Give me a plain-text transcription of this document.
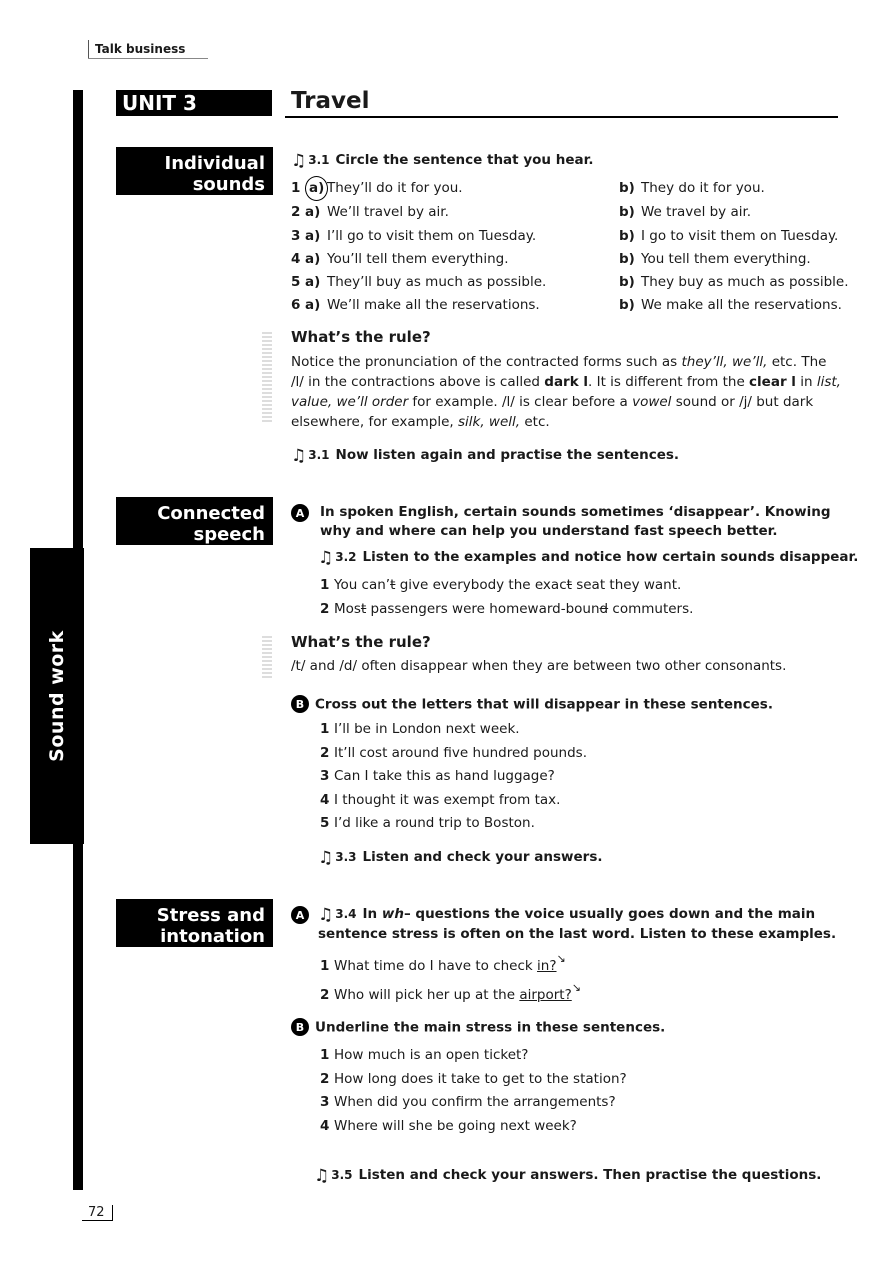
Talk business
Sound work
UNIT 3	Travel
Individual
sounds
Connected
speech
Stress and
intonation
♫ 3.1 Circle the sentence that you hear.
1 a) They’ll do it for you.	b) They do it for you.
2 a) We’ll travel by air.	b) We travel by air.
3 a) I’ll go to visit them on Tuesday.	b) I go to visit them on Tuesday.
4 a) You’ll tell them everything.	b) You tell them everything.
5 a) They’ll buy as much as possible.	b) They buy as much as possible.
6 a) We’ll make all the reservations.	b) We make all the reservations.
What’s the rule?
Notice the pronunciation of the contracted forms such as they’ll, we’ll, etc. The /l/ in the contractions above is called dark l. It is different from the clear l in list, value, we’ll order for example. /l/ is clear before a vowel sound or /j/ but dark elsewhere, for example, silk, well, etc.
♫ 3.1 Now listen again and practise the sentences.
A	In spoken English, certain sounds sometimes ‘disappear’. Knowing why and where can help you understand fast speech better.
♫ 3.2 Listen to the examples and notice how certain sounds disappear.
1 You can’t give everybody the exact seat they want.
2 Most passengers were homeward-bound commuters.
What’s the rule?
/t/ and /d/ often disappear when they are between two other consonants.
B Cross out the letters that will disappear in these sentences.
1 I’ll be in London next week.
2 It’ll cost around five hundred pounds.
3 Can I take this as hand luggage?
4 I thought it was exempt from tax.
5 I’d like a round trip to Boston.
♫ 3.3 Listen and check your answers.
A ♫ 3.4 In wh– questions the voice usually goes down and the main sentence stress is often on the last word. Listen to these examples.
1 What time do I have to check in?↘
2 Who will pick her up at the airport?↘
B Underline the main stress in these sentences.
1 How much is an open ticket?
2 How long does it take to get to the station?
3 When did you confirm the arrangements?
4 Where will she be going next week?
♫ 3.5 Listen and check your answers. Then practise the questions.
72
